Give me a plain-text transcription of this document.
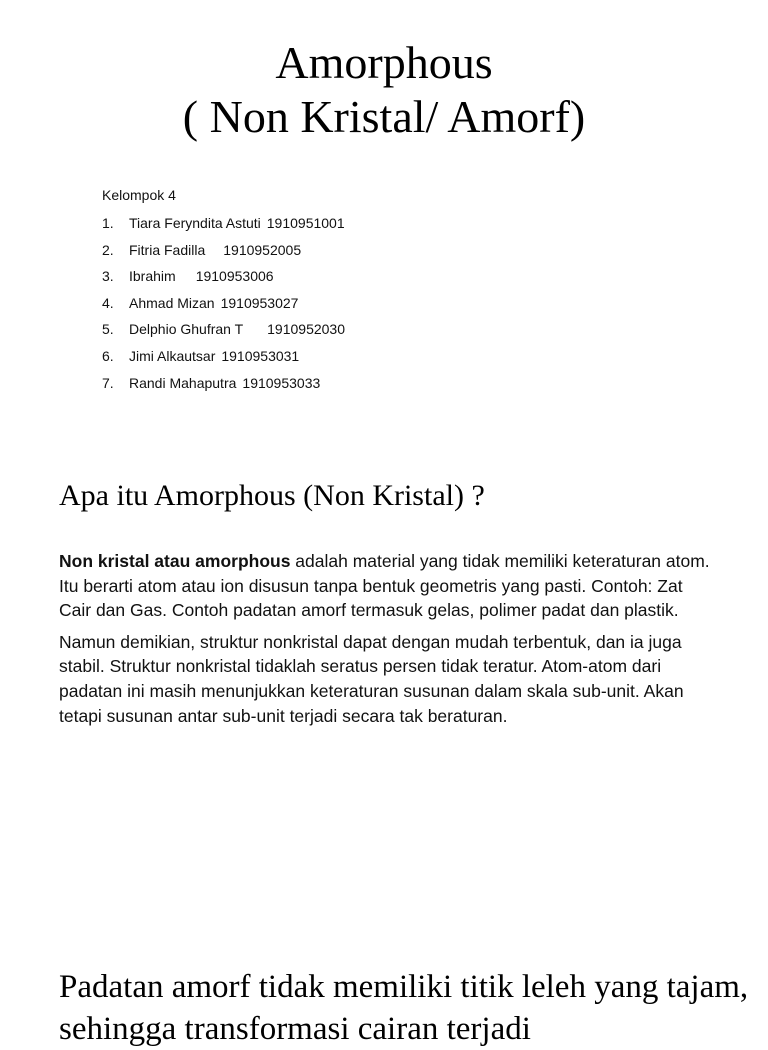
Amorphous
( Non Kristal/ Amorf)
Kelompok 4
1. Tiara Feryndita Astuti 1910951001
2. Fitria Fadilla 1910952005
3. Ibrahim 1910953006
4. Ahmad Mizan 1910953027
5. Delphio Ghufran T 1910952030
6. Jimi Alkautsar 1910953031
7. Randi Mahaputra 1910953033
Apa itu Amorphous (Non Kristal) ?

Non kristal atau amorphous adalah material yang tidak memiliki keteraturan atom. Itu berarti atom atau ion disusun tanpa bentuk geometris yang pasti. Contoh: Zat Cair dan Gas. Contoh padatan amorf termasuk gelas, polimer padat dan plastik.

Namun demikian, struktur nonkristal dapat dengan mudah terbentuk, dan ia juga stabil. Struktur nonkristal tidaklah seratus persen tidak teratur. Atom-atom dari padatan ini masih menunjukkan keteraturan susunan dalam skala sub-unit. Akan tetapi susunan antar sub-unit terjadi secara tak beraturan.

Padatan amorf tidak memiliki titik leleh yang tajam, sehingga transformasi cairan terjadi
